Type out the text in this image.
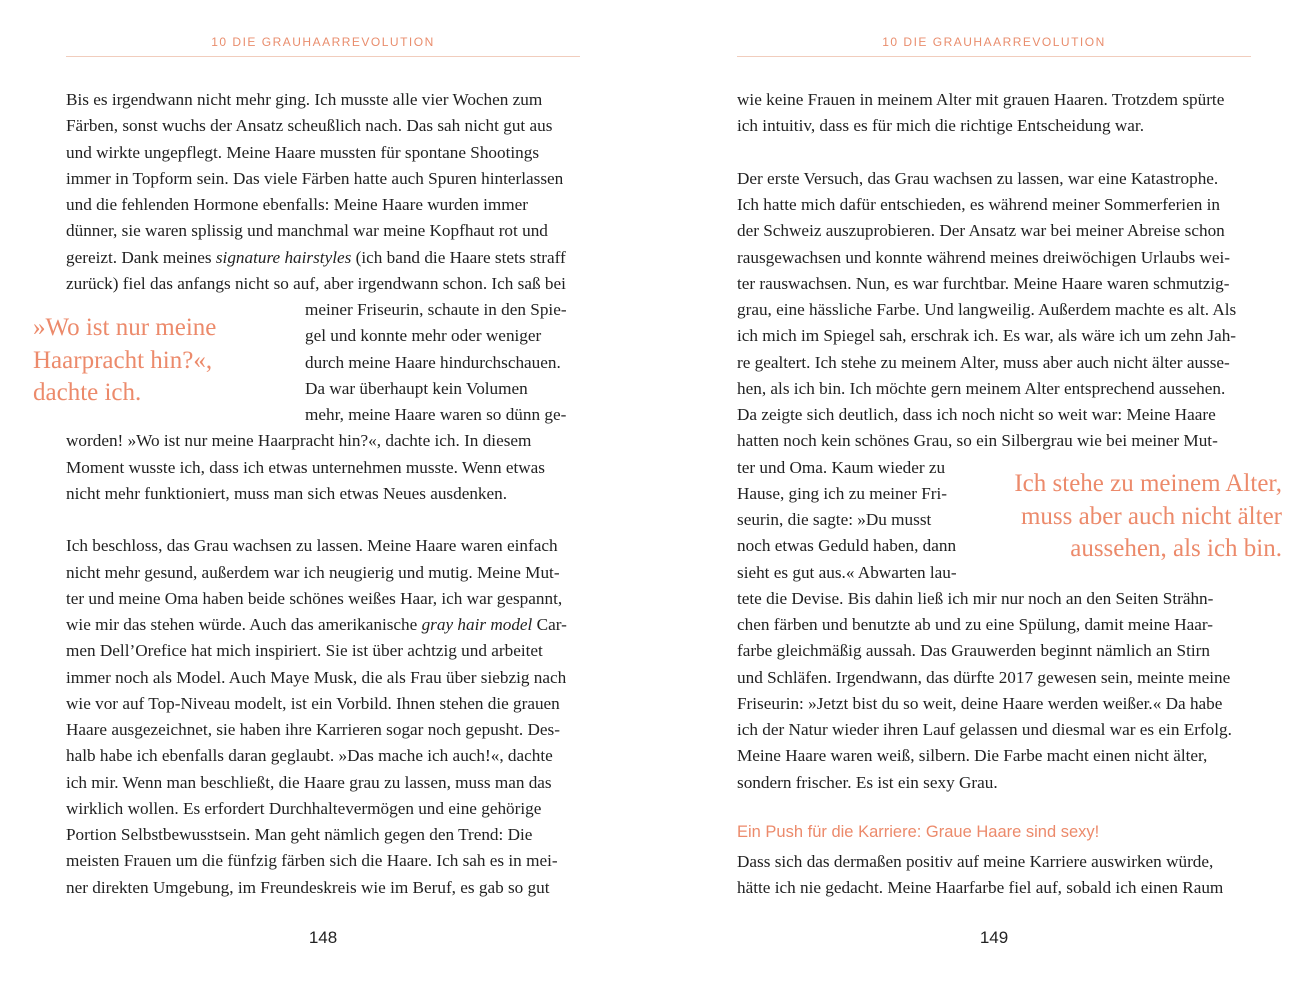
10 DIE GRAUHAARREVOLUTION
Bis es irgendwann nicht mehr ging. Ich musste alle vier Wochen zum
Färben, sonst wuchs der Ansatz scheußlich nach. Das sah nicht gut aus
und wirkte ungepflegt. Meine Haare mussten für spontane Shootings
immer in Topform sein. Das viele Färben hatte auch Spuren hinterlassen
und die fehlenden Hormone ebenfalls: Meine Haare wurden immer
dünner, sie waren splissig und manchmal war meine Kopfhaut rot und
gereizt. Dank meines signature hairstyles (ich band die Haare stets straff
zurück) fiel das anfangs nicht so auf, aber irgendwann schon. Ich saß bei
meiner Friseurin, schaute in den Spie-
gel und konnte mehr oder weniger
durch meine Haare hindurchschauen.
Da war überhaupt kein Volumen
mehr, meine Haare waren so dünn ge-
worden! »Wo ist nur meine Haarpracht hin?«, dachte ich. In diesem
Moment wusste ich, dass ich etwas unternehmen musste. Wenn etwas
nicht mehr funktioniert, muss man sich etwas Neues ausdenken.
Ich beschloss, das Grau wachsen zu lassen. Meine Haare waren einfach
nicht mehr gesund, außerdem war ich neugierig und mutig. Meine Mut-
ter und meine Oma haben beide schönes weißes Haar, ich war gespannt,
wie mir das stehen würde. Auch das amerikanische gray hair model Car-
men Dell’Orefice hat mich inspiriert. Sie ist über achtzig und arbeitet
immer noch als Model. Auch Maye Musk, die als Frau über siebzig nach
wie vor auf Top-Niveau modelt, ist ein Vorbild. Ihnen stehen die grauen
Haare ausgezeichnet, sie haben ihre Karrieren sogar noch gepusht. Des-
halb habe ich ebenfalls daran geglaubt. »Das mache ich auch!«, dachte
ich mir. Wenn man beschließt, die Haare grau zu lassen, muss man das
wirklich wollen. Es erfordert Durchhaltevermögen und eine gehörige
Portion Selbstbewusstsein. Man geht nämlich gegen den Trend: Die
meisten Frauen um die fünfzig färben sich die Haare. Ich sah es in mei-
ner direkten Umgebung, im Freundeskreis wie im Beruf, es gab so gut
»Wo ist nur meine
Haarpracht hin?«,
dachte ich.
148
10 DIE GRAUHAARREVOLUTION
wie keine Frauen in meinem Alter mit grauen Haaren. Trotzdem spürte
ich intuitiv, dass es für mich die richtige Entscheidung war.
Der erste Versuch, das Grau wachsen zu lassen, war eine Katastrophe.
Ich hatte mich dafür entschieden, es während meiner Sommerferien in
der Schweiz auszuprobieren. Der Ansatz war bei meiner Abreise schon
rausgewachsen und konnte während meines dreiwöchigen Urlaubs wei-
ter rauswachsen. Nun, es war furchtbar. Meine Haare waren schmutzig-
grau, eine hässliche Farbe. Und langweilig. Außerdem machte es alt. Als
ich mich im Spiegel sah, erschrak ich. Es war, als wäre ich um zehn Jah-
re gealtert. Ich stehe zu meinem Alter, muss aber auch nicht älter ausse-
hen, als ich bin. Ich möchte gern meinem Alter entsprechend aussehen.
Da zeigte sich deutlich, dass ich noch nicht so weit war: Meine Haare
hatten noch kein schönes Grau, so ein Silbergrau wie bei meiner Mut-
ter und Oma. Kaum wieder zu
Hause, ging ich zu meiner Fri-
seurin, die sagte: »Du musst
noch etwas Geduld haben, dann
sieht es gut aus.« Abwarten lau-
tete die Devise. Bis dahin ließ ich mir nur noch an den Seiten Strähn-
chen färben und benutzte ab und zu eine Spülung, damit meine Haar-
farbe gleichmäßig aussah. Das Grauwerden beginnt nämlich an Stirn
und Schläfen. Irgendwann, das dürfte 2017 gewesen sein, meinte meine
Friseurin: »Jetzt bist du so weit, deine Haare werden weißer.« Da habe
ich der Natur wieder ihren Lauf gelassen und diesmal war es ein Erfolg.
Meine Haare waren weiß, silbern. Die Farbe macht einen nicht älter,
sondern frischer. Es ist ein sexy Grau.
Ich stehe zu meinem Alter,
muss aber auch nicht älter
aussehen, als ich bin.
Ein Push für die Karriere: Graue Haare sind sexy!
Dass sich das dermaßen positiv auf meine Karriere auswirken würde,
hätte ich nie gedacht. Meine Haarfarbe fiel auf, sobald ich einen Raum
149
